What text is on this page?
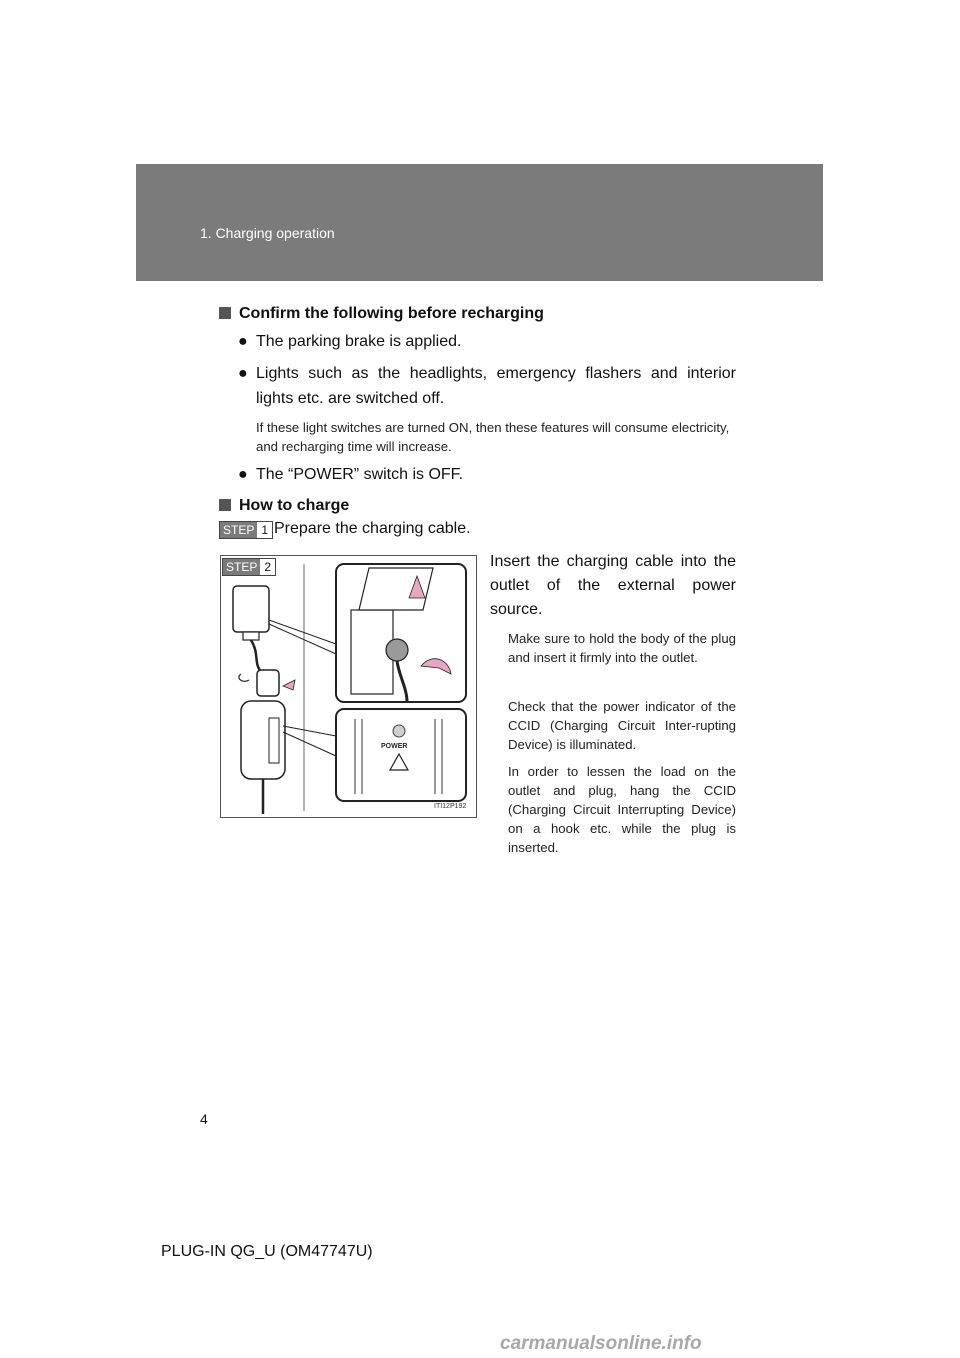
1. Charging operation
Confirm the following before recharging
● The parking brake is applied.
● Lights such as the headlights, emergency flashers and interior lights etc. are switched off.
If these light switches are turned ON, then these features will consume electricity, and recharging time will increase.
● The “POWER” switch is OFF.
How to charge
STEP 1 Prepare the charging cable.
STEP 2
POWER
ITI12P192
Insert the charging cable into the outlet of the external power source.
Make sure to hold the body of the plug and insert it firmly into the outlet.
Check that the power indicator of the CCID (Charging Circuit Inter-rupting Device) is illuminated.
In order to lessen the load on the outlet and plug, hang the CCID (Charging Circuit Interrupting Device) on a hook etc. while the plug is inserted.
4
PLUG-IN QG_U (OM47747U)
carmanualsonline.info
